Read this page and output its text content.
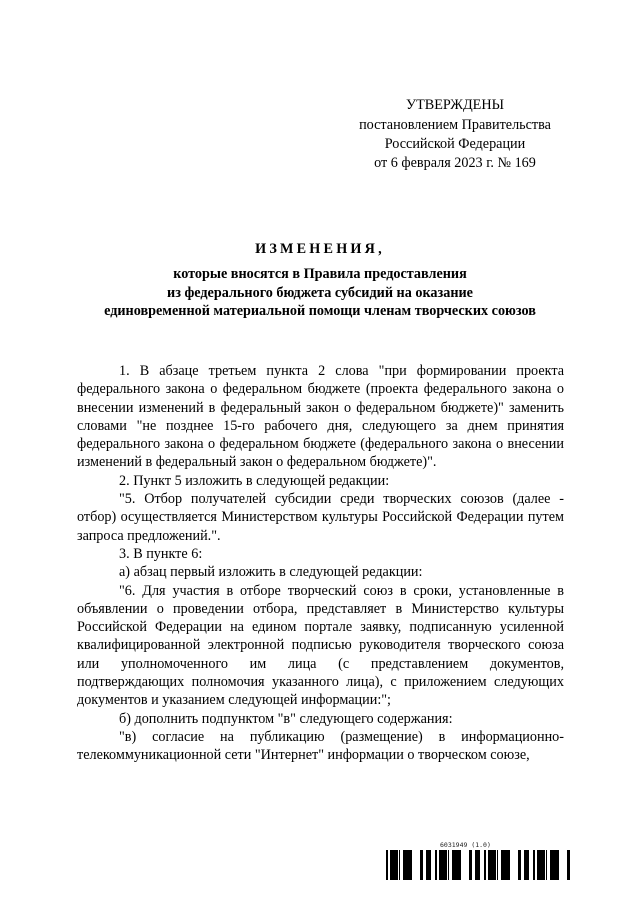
УТВЕРЖДЕНЫ
постановлением Правительства
Российской Федерации
от 6 февраля 2023 г. № 169
ИЗМЕНЕНИЯ,
которые вносятся в Правила предоставления
из федерального бюджета субсидий на оказание
единовременной материальной помощи членам творческих союзов

1. В абзаце третьем пункта 2 слова "при формировании проекта федерального закона о федеральном бюджете (проекта федерального закона о внесении изменений в федеральный закон о федеральном бюджете)" заменить словами "не позднее 15-го рабочего дня, следующего за днем принятия федерального закона о федеральном бюджете (федерального закона о внесении изменений в федеральный закон о федеральном бюджете)".

2. Пункт 5 изложить в следующей редакции:

"5. Отбор получателей субсидии среди творческих союзов (далее - отбор) осуществляется Министерством культуры Российской Федерации путем запроса предложений.".

3. В пункте 6:

а) абзац первый изложить в следующей редакции:

"6. Для участия в отборе творческий союз в сроки, установленные в объявлении о проведении отбора, представляет в Министерство культуры Российской Федерации на едином портале заявку, подписанную усиленной квалифицированной электронной подписью руководителя творческого союза или уполномоченного им лица (с представлением документов, подтверждающих полномочия указанного лица), с приложением следующих документов и указанием следующей информации:";

б) дополнить подпунктом "в" следующего содержания:

"в) согласие на публикацию (размещение) в информационно-телекоммуникационной сети "Интернет" информации о творческом союзе,

6031949 (1.0)
